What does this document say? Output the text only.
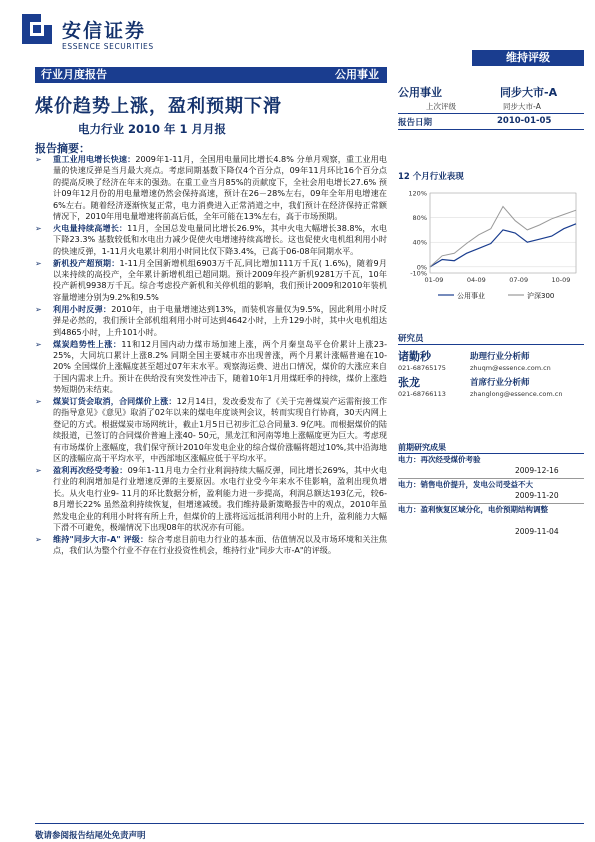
安信证券
ESSENCE SECURITIES
维持评级
行业月度报告	公用事业
煤价趋势上涨，盈利预期下滑
电力行业 2010 年 1 月月报
报告摘要：
➢ 重工业用电增长快速：2009年1-11月，全国用电量同比增长4.8% 分单月观察，重工业用电量的快速反弹是当月最大亮点。考虑同期基数下降仅4个百分点，09年11月环比16个百分点的提高反映了经济在年末的强劲。在重工业当月85%的贡献度下，全社会用电增长27.6% 预计09年12月份的用电量增速仍然会保持高速，预计在26－28%左右，09年全年用电增速在6%左右。随着经济逐渐恢复正常，电力消费进入正常消道之中，我们预计在经济保持正常额情况下，2010年用电量增速将前高后低，全年可能在13%左右，高于市场预期。
➢ 火电量持续高增长：11月，全国总发电量同比增长26.9%，其中火电大幅增长38.8%，水电下降23.3% 基数较低和水电出力减少促使火电增速持续高增长。这也促使火电机组利用小时的快速反弹，1-11月火电累计利用小时同比仅下降3.4%，已高于06-08年同期水平。
➢ 新机投产超预期：1-11月全国新增机组6903万千瓦,同比增加111万千瓦( 1.6%)，随着9月以来持续的高投产，全年累计新增机组已超同期。预计2009年投产新机9281万千瓦，10年投产新机9938万千瓦。综合考虑投产新机和关停机组的影响，我们预计2009和2010年装机容量增速分别为9.2%和9.5%
➢ 利用小时反弹：2010年，由于电量增速达到13%，而装机容量仅为9.5%，因此利用小时反弹是必然的，我们预计全部机组利用小时可达到4642小时，上升129小时，其中火电机组达到4865小时，上升101小时。
➢ 煤炭趋势性上涨：11和12月国内动力煤市场加速上涨，两个月秦皇岛平仓价累计上涨23- 25%，大同坑口累计上涨8.2% 同期全国主要城市亦出现普涨，两个月累计涨幅普遍在10- 20% 全国煤价上涨幅度甚至超过07年末水平。观察海运费、进出口情况，煤价的大涨应来自于国内需求上升。预计在供给没有突发性冲击下，随着10年1月用煤旺季的持续，煤价上涨趋势短期仍未结束。
➢ 煤炭订货会取消，合同煤价上涨：12月14日，发改委发布了《关于完善煤炭产运需衔接工作的指导意见》《意见》取消了02年以来的煤电年度谈判会议，转而实现自行协商，30天内网上登记的方式。根据煤炭市场网统计，截止1月5日已初步汇总合同量3. 9亿吨。而根据煤价的陆续报道，已签订的合同煤价普遍上涨40- 50元，黑龙江和河南等地上涨幅度更为巨大。考虑现有市场煤价上涨幅度，我们保守预计2010年发电企业的综合煤价涨幅将超过10%,其中沿海地区的涨幅应高于平均水平，中西部地区涨幅应低于平均水平。
➢ 盈利再次经受考验：09年1-11月电力全行业利润持续大幅反弹，同比增长269%，其中火电行业的利润增加是行业增速反弹的主要原因。水电行业受今年来水不佳影响，盈利出现负增长。从火电行业9- 11月的环比数据分析，盈利能力进一步提高，利润总额达193亿元，较6- 8月增长22% 虽然盈利持续恢复，但增速减缓。我们维持最新策略报告中的观点，2010年虽然发电企业的利用小时将有所上升，但煤价的上涨将远远抵消利用小时的上升，盈利能力大幅下滑不可避免，极端情况下出现08年的状况亦有可能。
➢ 维持"同步大市-A" 评级：综合考虑目前电力行业的基本面、估值情况以及市场环境和关注焦点，我们认为整个行业不存在行业投资性机会，维持行业"同步大市-A"的评级。
公用事业	同步大市-A
上次评级	同步大市-A
报告日期	2010-01-05
12 个月行业表现
120%
80%
40%
0%
-10%
01-09	04-09	07-09	10-09
公用事业	沪深300
研究员
诸勤秒	助理行业分析师
021-68765175	zhuqm@essence.com.cn
张龙	首席行业分析师
021-68766113	zhanglong@essence.com.cn
前期研究成果
电力：再次经受煤价考验
2009-12-16
电力：销售电价提升，发电公司受益不大
2009-11-20
电力：盈利恢复区域分化，电价预期结构调整
2009-11-04
敬请参阅报告结尾处免责声明
